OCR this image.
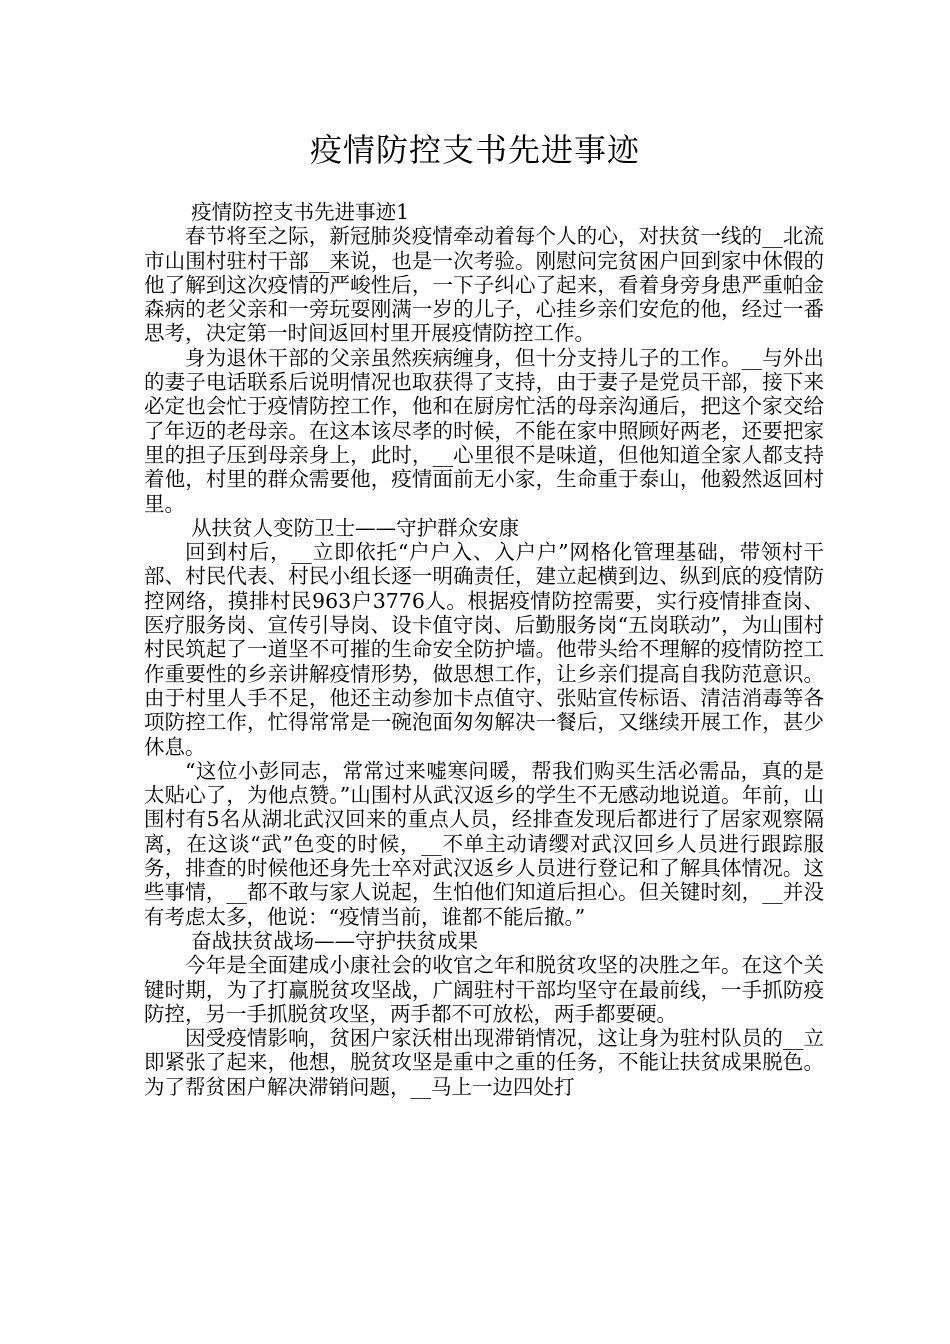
疫情防控支书先进事迹

疫情防控支书先进事迹1

春节将至之际，新冠肺炎疫情牵动着每个人的心，对扶贫一线的__北流市山围村驻村干部__来说，也是一次考验。刚慰问完贫困户回到家中休假的他了解到这次疫情的严峻性后，一下子纠心了起来，看着身旁身患严重帕金森病的老父亲和一旁玩耍刚满一岁的儿子，心挂乡亲们安危的他，经过一番思考，决定第一时间返回村里开展疫情防控工作。

身为退休干部的父亲虽然疾病缠身，但十分支持儿子的工作。__与外出的妻子电话联系后说明情况也取获得了支持，由于妻子是党员干部，接下来必定也会忙于疫情防控工作，他和在厨房忙活的母亲沟通后，把这个家交给了年迈的老母亲。在这本该尽孝的时候，不能在家中照顾好两老，还要把家里的担子压到母亲身上，此时，__心里很不是味道，但他知道全家人都支持着他，村里的群众需要他，疫情面前无小家，生命重于泰山，他毅然返回村里。

从扶贫人变防卫士——守护群众安康

回到村后，__立即依托“户户入、入户户”网格化管理基础，带领村干部、村民代表、村民小组长逐一明确责任，建立起横到边、纵到底的疫情防控网络，摸排村民963户3776人。根据疫情防控需要，实行疫情排查岗、医疗服务岗、宣传引导岗、设卡值守岗、后勤服务岗“五岗联动”，为山围村村民筑起了一道坚不可摧的生命安全防护墙。他带头给不理解的疫情防控工作重要性的乡亲讲解疫情形势，做思想工作，让乡亲们提高自我防范意识。由于村里人手不足，他还主动参加卡点值守、张贴宣传标语、清洁消毒等各项防控工作，忙得常常是一碗泡面匆匆解决一餐后，又继续开展工作，甚少休息。

“这位小彭同志，常常过来嘘寒问暖，帮我们购买生活必需品，真的是太贴心了，为他点赞。”山围村从武汉返乡的学生不无感动地说道。年前，山围村有5名从湖北武汉回来的重点人员，经排查发现后都进行了居家观察隔离，在这谈“武”色变的时候，__不单主动请缨对武汉回乡人员进行跟踪服务，排查的时候他还身先士卒对武汉返乡人员进行登记和了解具体情况。这些事情，__都不敢与家人说起，生怕他们知道后担心。但关键时刻，__并没有考虑太多，他说：“疫情当前，谁都不能后撤。”

奋战扶贫战场——守护扶贫成果

今年是全面建成小康社会的收官之年和脱贫攻坚的决胜之年。在这个关键时期，为了打赢脱贫攻坚战，广阔驻村干部均坚守在最前线，一手抓防疫防控，另一手抓脱贫攻坚，两手都不可放松，两手都要硬。

因受疫情影响，贫困户家沃柑出现滞销情况，这让身为驻村队员的__立即紧张了起来，他想，脱贫攻坚是重中之重的任务，不能让扶贫成果脱色。为了帮贫困户解决滞销问题，__马上一边四处打
